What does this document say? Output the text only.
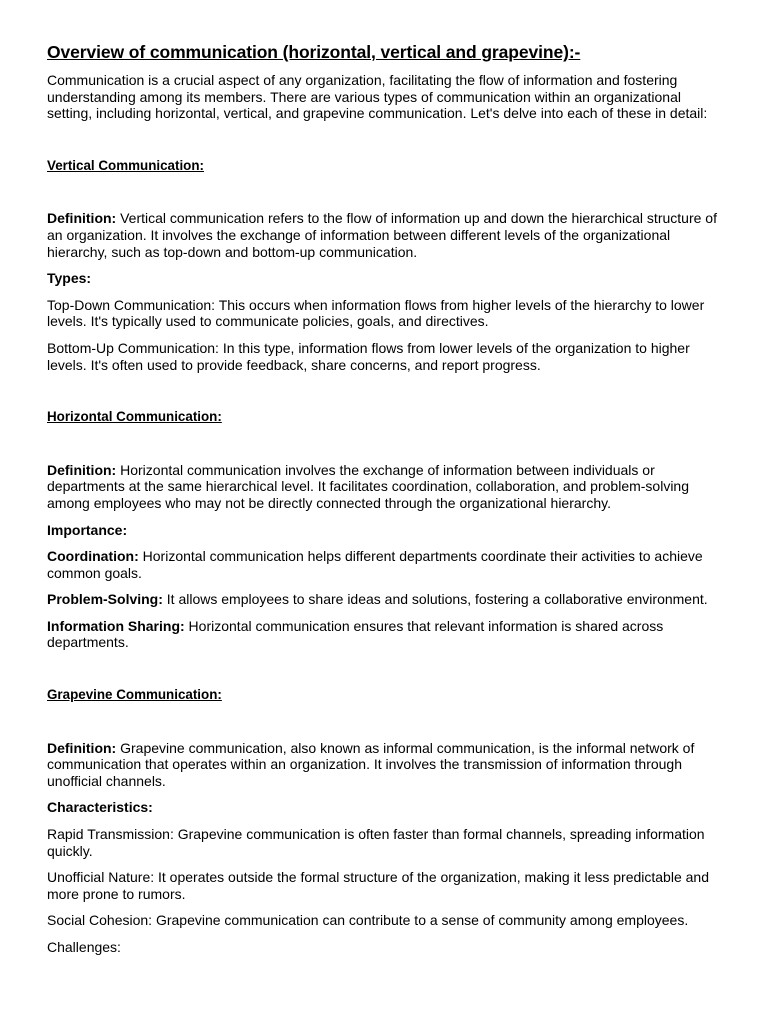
Overview of communication (horizontal, vertical and grapevine):-

Communication is a crucial aspect of any organization, facilitating the flow of information and fostering understanding among its members. There are various types of communication within an organizational setting, including horizontal, vertical, and grapevine communication. Let's delve into each of these in detail:

Vertical Communication:

Definition: Vertical communication refers to the flow of information up and down the hierarchical structure of an organization. It involves the exchange of information between different levels of the organizational hierarchy, such as top-down and bottom-up communication.

Types:

Top-Down Communication: This occurs when information flows from higher levels of the hierarchy to lower levels. It's typically used to communicate policies, goals, and directives.

Bottom-Up Communication: In this type, information flows from lower levels of the organization to higher levels. It's often used to provide feedback, share concerns, and report progress.

Horizontal Communication:

Definition: Horizontal communication involves the exchange of information between individuals or departments at the same hierarchical level. It facilitates coordination, collaboration, and problem-solving among employees who may not be directly connected through the organizational hierarchy.

Importance:

Coordination: Horizontal communication helps different departments coordinate their activities to achieve common goals.

Problem-Solving: It allows employees to share ideas and solutions, fostering a collaborative environment.

Information Sharing: Horizontal communication ensures that relevant information is shared across departments.

Grapevine Communication:

Definition: Grapevine communication, also known as informal communication, is the informal network of communication that operates within an organization. It involves the transmission of information through unofficial channels.

Characteristics:

Rapid Transmission: Grapevine communication is often faster than formal channels, spreading information quickly.

Unofficial Nature: It operates outside the formal structure of the organization, making it less predictable and more prone to rumors.

Social Cohesion: Grapevine communication can contribute to a sense of community among employees.

Challenges:
